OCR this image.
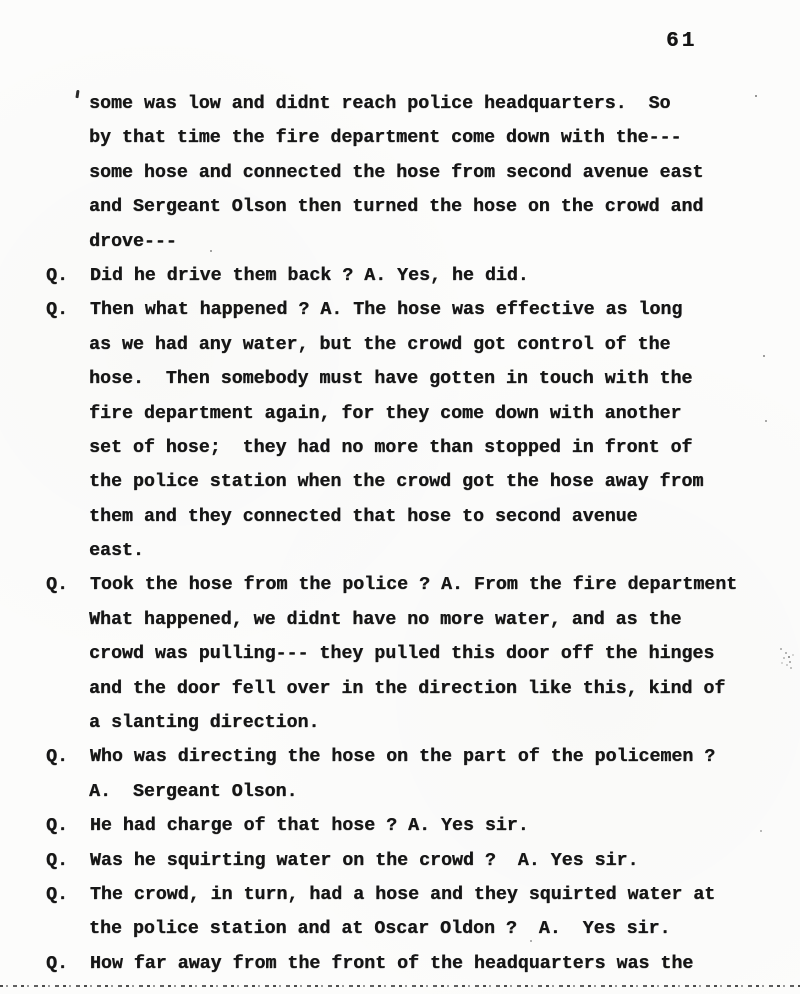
61
some was low and didnt reach police headquarters.  So
by that time the fire department come down with the---
some hose and connected the hose from second avenue east
and Sergeant Olson then turned the hose on the crowd and
drove---
Q.  Did he drive them back ? A. Yes, he did.
Q.  Then what happened ? A. The hose was effective as long
as we had any water, but the crowd got control of the
hose.  Then somebody must have gotten in touch with the
fire department again, for they come down with another
set of hose;  they had no more than stopped in front of
the police station when the crowd got the hose away from
them and they connected that hose to second avenue
east.
Q.  Took the hose from the police ? A. From the fire department
What happened, we didnt have no more water, and as the
crowd was pulling--- they pulled this door off the hinges
and the door fell over in the direction like this, kind of
a slanting direction.
Q.  Who was directing the hose on the part of the policemen ?
A.  Sergeant Olson.
Q.  He had charge of that hose ? A. Yes sir.
Q.  Was he squirting water on the crowd ?  A. Yes sir.
Q.  The crowd, in turn, had a hose and they squirted water at
the police station and at Oscar Oldon ?  A.  Yes sir.
Q.  How far away from the front of the headquarters was the
